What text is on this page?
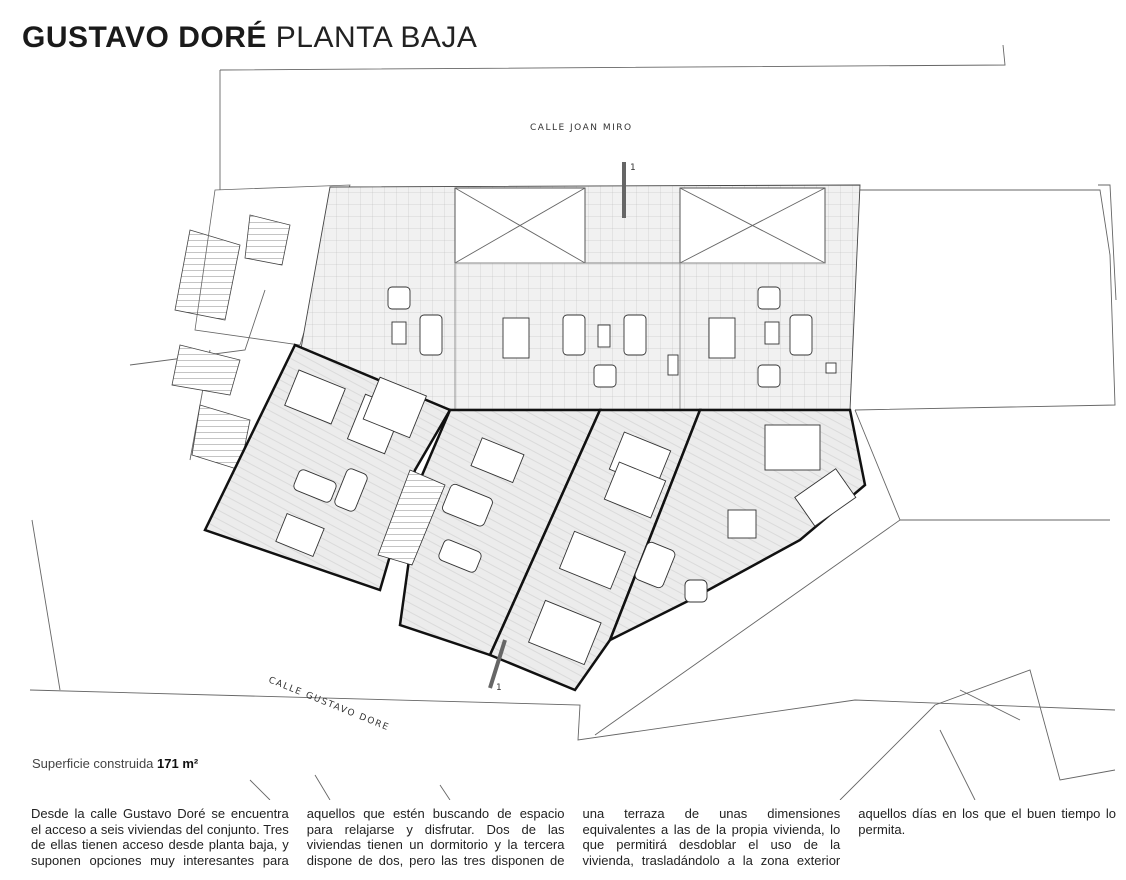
GUSTAVO DORÉ PLANTA BAJA
1
1
CALLE JOAN MIRO
CALLE GUSTAVO DORE
Superficie construida 171 m²
Desde la calle Gustavo Doré se encuentra el acceso a seis viviendas del conjunto. Tres de ellas tienen acceso desde planta baja, y suponen opciones muy interesantes para aquellos que estén buscando de espacio para relajarse y disfrutar. Dos de las viviendas tienen un dormitorio y la tercera dispone de dos, pero las tres disponen de una terraza de unas dimensiones equivalentes a las de la propia vivienda, lo que permitirá desdoblar el uso de la vivienda, trasladándolo a la zona exterior aquellos días en los que el buen tiempo lo permita.
